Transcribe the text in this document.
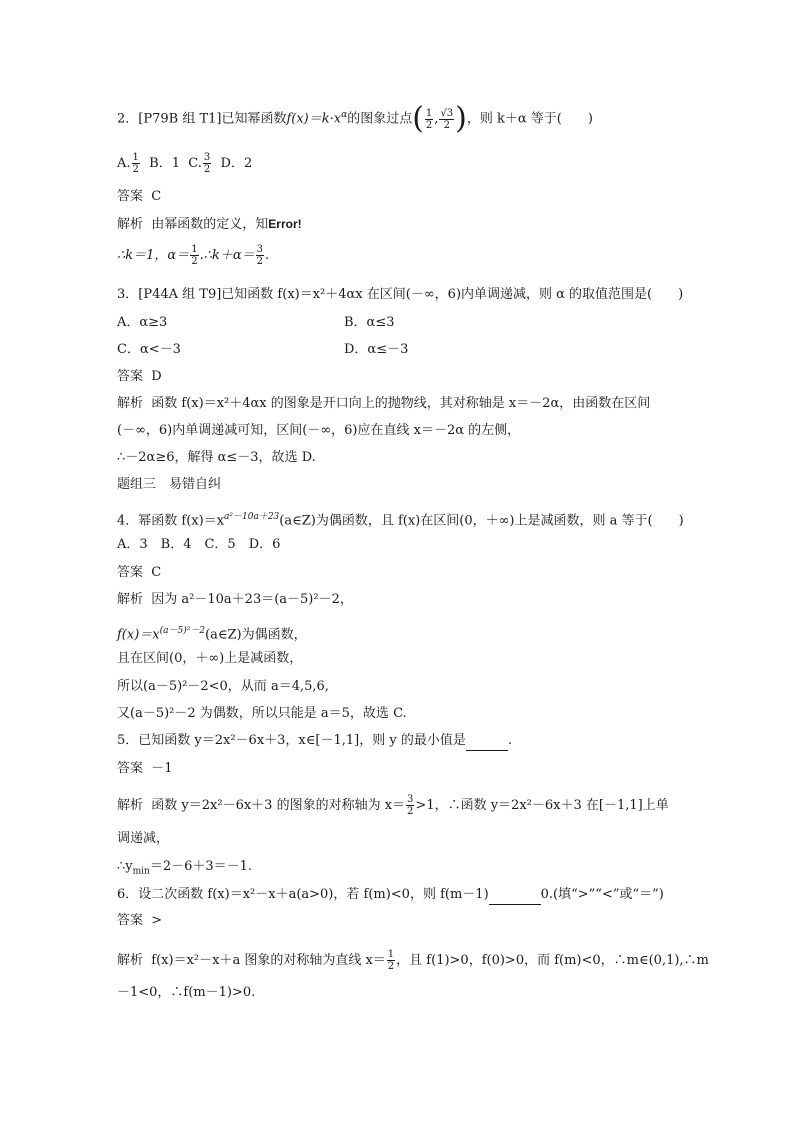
2．[P79B 组 T1]已知幂函数$f(x)=k\cdot x^\alpha$的图象过点( $\frac{1}{2}$ , $\frac{√3}{2}$ )，则 k＋α 等于(　　)
A. $\frac{1}{2}$ B．1 C. $\frac{3}{2}$ D．2
答案 C
解析 由幂函数的定义，知Error!
∴k＝1，$\alpha= \frac{1}{2}$ .∴k＋α＝ $\frac{3}{2}$ .
3．[P44A 组 T9]已知函数 f(x)＝x²＋4αx 在区间(－∞，6)内单调递减，则 α 的取值范围是(　　)
A．α≥3	B．α≤3
C．α<－3	D．α≤－3
答案 D
解析 函数 f(x)＝x²＋4αx 的图象是开口向上的抛物线，其对称轴是 x＝－2α，由函数在区间
(－∞，6)内单调递减可知，区间(－∞，6)应在直线 x＝－2α 的左侧，
∴－2α≥6，解得 α≤－3，故选 D.
题组三　易错自纠
4．幂函数 $f(x)=x^{a^2-10a+23}(a\in Z)$为偶函数，且 f(x)在区间(0，＋∞)上是减函数，则 a 等于(　　)
A．3　B．4　C．5　D．6
答案 C
解析 因为 a²－10a＋23＝(a－5)²－2，
$f(x)=x^{(a-5)^2-2}(a\in Z)$为偶函数，
且在区间(0，＋∞)上是减函数，
所以(a－5)²－2<0，从而 a＝4,5,6,
又(a－5)²－2 为偶数，所以只能是 a＝5，故选 C.
5．已知函数 y＝2x²－6x＋3，x∈[－1,1]，则 y 的最小值是	.
答案 －1
解析 函数 y＝2x²－6x＋3 的图象的对称轴为 $x= \frac{3}{2} >1$，∴函数 y＝2x²－6x＋3 在[－1,1]上单
调递减，
$\therefore y_{min}=2-6+3=-1$.
6．设二次函数 f(x)＝x²－x＋a(a>0)，若 f(m)<0，则 f(m－1)	0.(填“>”“<”或“＝”)
答案 >
解析 f(x)＝x²－x＋a 图象的对称轴为直线 $x= \frac{1}{2}$ ，且 f(1)>0，f(0)>0，而 f(m)<0，∴m∈(0,1),∴m
－1<0，∴f(m－1)>0.
